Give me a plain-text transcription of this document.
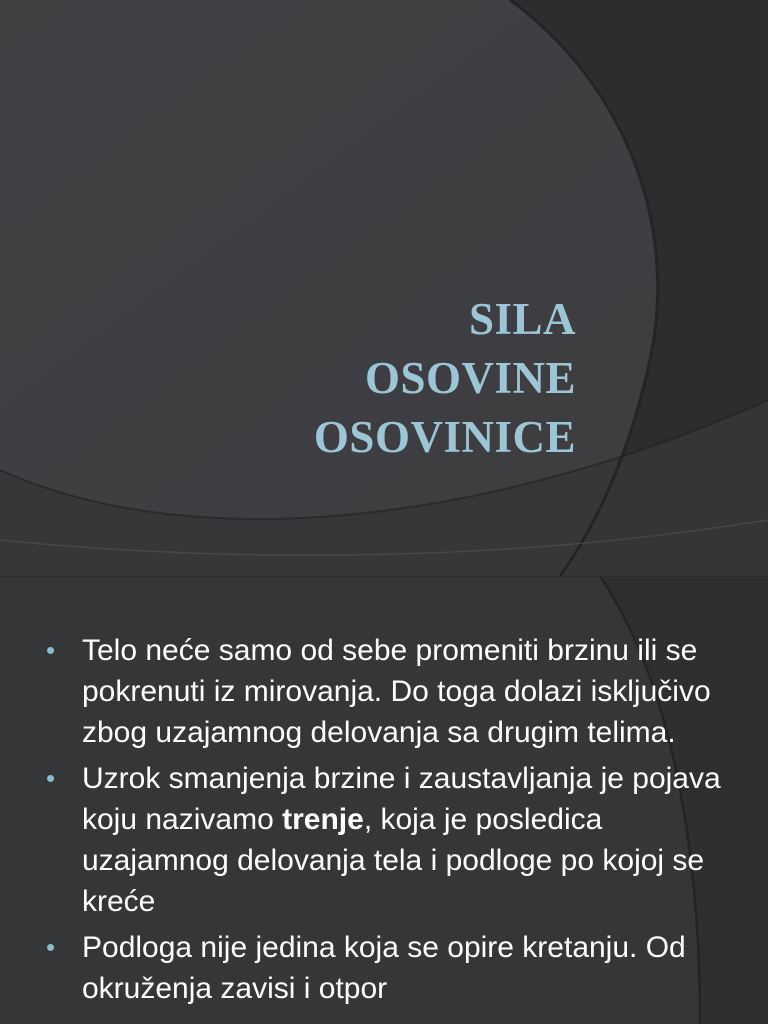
SILA
OSOVINE
OSOVINICE
• Telo neće samo od sebe promeniti brzinu ili se pokrenuti iz mirovanja. Do toga dolazi isključivo zbog uzajamnog delovanja sa drugim telima.
• Uzrok smanjenja brzine i zaustavljanja je pojava koju nazivamo trenje, koja je posledica uzajamnog delovanja tela i podloge po kojoj se kreće
• Podloga nije jedina koja se opire kretanju. Od okruženja zavisi i otpor
